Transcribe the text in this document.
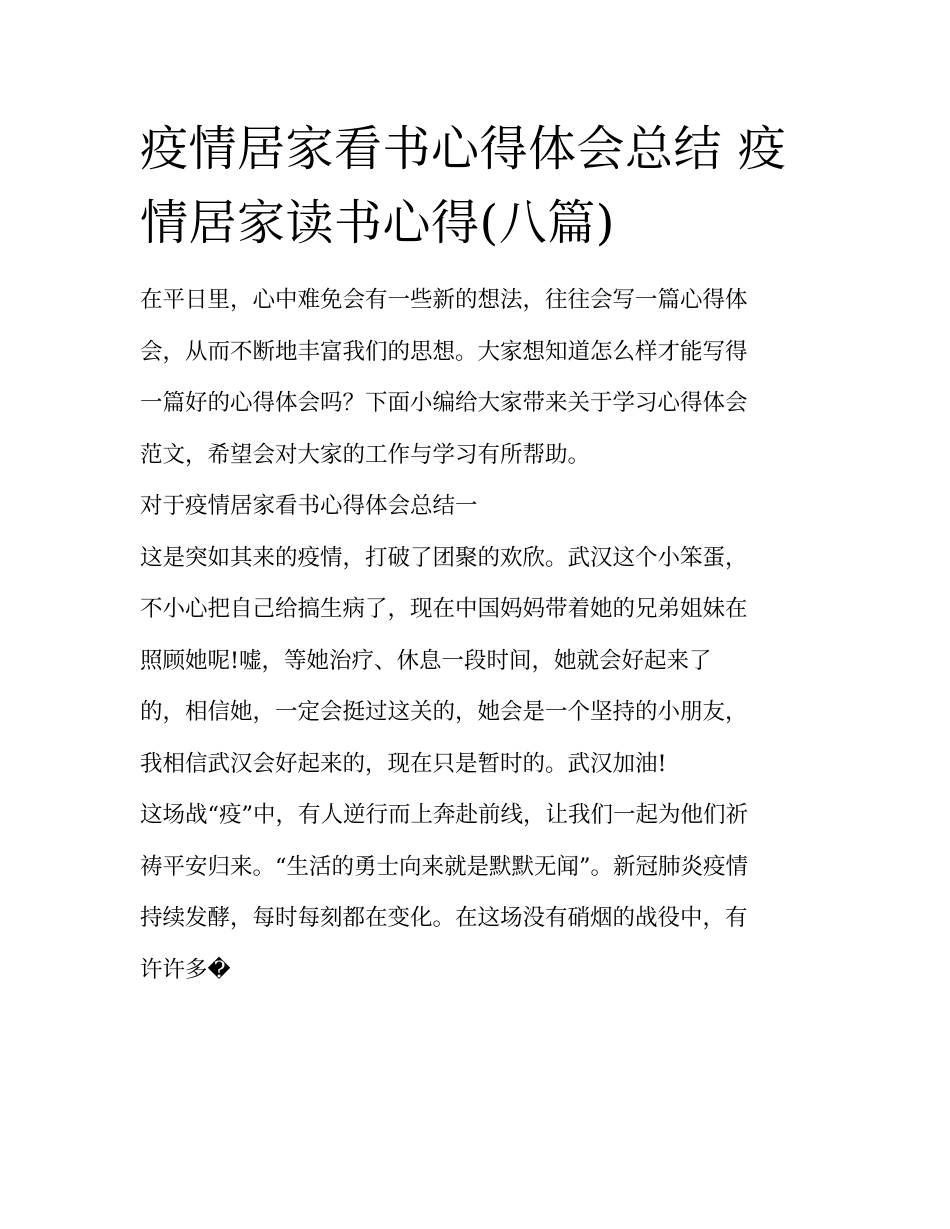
疫情居家看书心得体会总结 疫
情居家读书心得(八篇)
在平日里，心中难免会有一些新的想法，往往会写一篇心得体
会，从而不断地丰富我们的思想。大家想知道怎么样才能写得
一篇好的心得体会吗？下面小编给大家带来关于学习心得体会
范文，希望会对大家的工作与学习有所帮助。
对于疫情居家看书心得体会总结一
这是突如其来的疫情，打破了团聚的欢欣。武汉这个小笨蛋，
不小心把自己给搞生病了，现在中国妈妈带着她的兄弟姐妹在
照顾她呢!嘘，等她治疗、休息一段时间，她就会好起来了
的，相信她，一定会挺过这关的，她会是一个坚持的小朋友，
我相信武汉会好起来的，现在只是暂时的。武汉加油!
这场战“疫”中，有人逆行而上奔赴前线，让我们一起为他们祈
祷平安归来。“生活的勇士向来就是默默无闻”。新冠肺炎疫情
持续发酵，每时每刻都在变化。在这场没有硝烟的战役中，有
许许多�
